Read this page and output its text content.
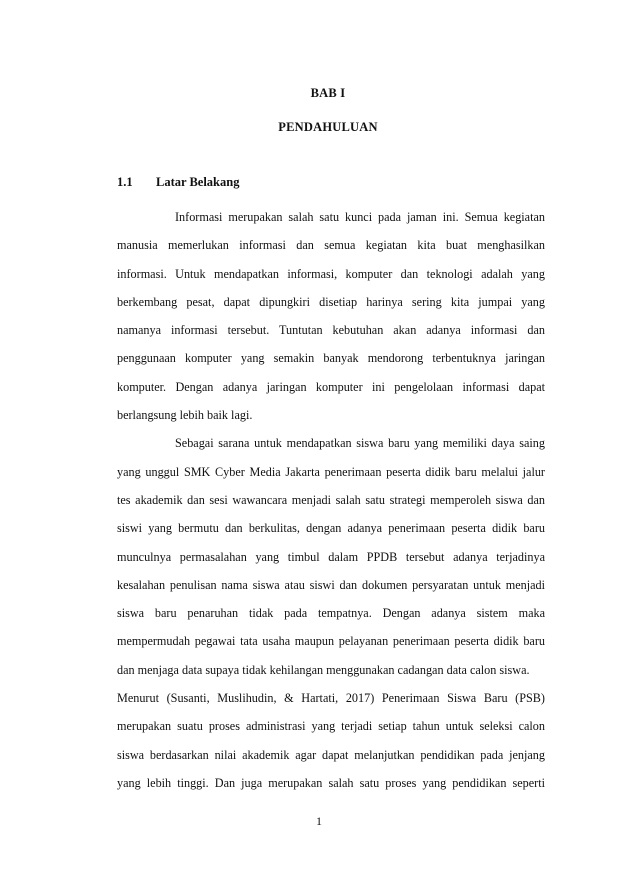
BAB I

PENDAHULUAN

1.1 Latar Belakang

Informasi merupakan salah satu kunci pada jaman ini. Semua kegiatan
manusia memerlukan informasi dan semua kegiatan kita buat menghasilkan
informasi. Untuk mendapatkan informasi, komputer dan teknologi adalah yang
berkembang pesat, dapat dipungkiri disetiap harinya sering kita jumpai yang
namanya informasi tersebut. Tuntutan kebutuhan akan adanya informasi dan
penggunaan komputer yang semakin banyak mendorong terbentuknya jaringan
komputer. Dengan adanya jaringan komputer ini pengelolaan informasi dapat
berlangsung lebih baik lagi.
Sebagai sarana untuk mendapatkan siswa baru yang memiliki daya saing
yang unggul SMK Cyber Media Jakarta penerimaan peserta didik baru melalui jalur
tes akademik dan sesi wawancara menjadi salah satu strategi memperoleh siswa dan
siswi yang bermutu dan berkulitas, dengan adanya penerimaan peserta didik baru
munculnya permasalahan yang timbul dalam PPDB tersebut adanya terjadinya
kesalahan penulisan nama siswa atau siswi dan dokumen persyaratan untuk menjadi
siswa baru penaruhan tidak pada tempatnya. Dengan adanya sistem maka
mempermudah pegawai tata usaha maupun pelayanan penerimaan peserta didik baru
dan menjaga data supaya tidak kehilangan menggunakan cadangan data calon siswa.
Menurut (Susanti, Muslihudin, & Hartati, 2017) Penerimaan Siswa Baru (PSB)
merupakan suatu proses administrasi yang terjadi setiap tahun untuk seleksi calon
siswa berdasarkan nilai akademik agar dapat melanjutkan pendidikan pada jenjang
yang lebih tinggi. Dan juga merupakan salah satu proses yang pendidikan seperti

1
